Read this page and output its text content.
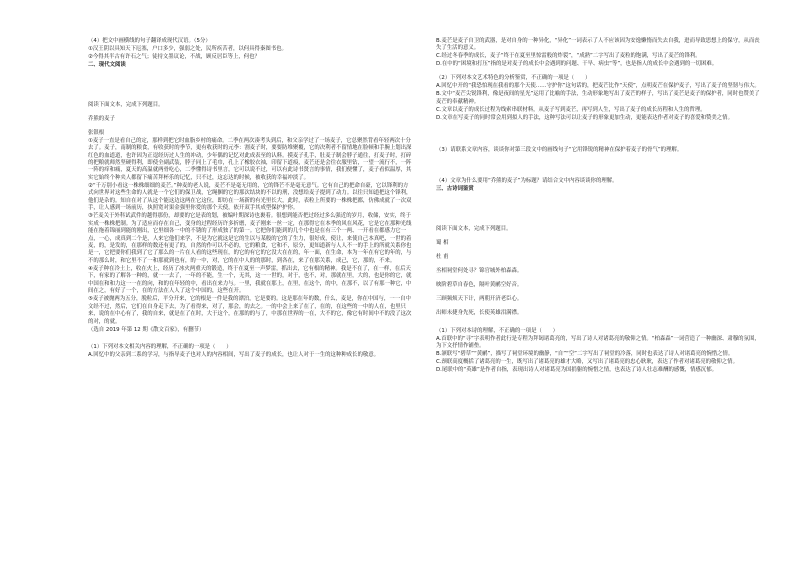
（4）把文中画横线的句子翻译成现代汉语。（5分）

①汉王阴以具知天下厄塞，户口多少，强弱之处，民所疾苦者，以何具得秦图书也。

②今得其半古有许石之气；徒持文墨议论，不战，顾反居臣等上，何也？

二、现代文阅读

阅读下面文本，完成下列题目。

乔熊的麦子

张银根

①麦子一直是看自己的定，那样到把它时血脂乡村的痛命。二季在两次凑考头到后，和父亲学过了一场麦子，它总聚然背看年轻两次十分去了。麦子，南制的粮食，有收获时的季节，更有收获时的元李：割麦子时，要要防堆聚覆，它的决利者不留情地在脸顿和手腕上划出深红色的血道道，也许因为正逞经历过人生的冲动，少年偶的记忆对此成表至的认料。摸麦子孔手，肚麦子制会脖子通往，打麦子时，打碎的把粮就师然坚硬得利，即使全副武装，脖子同上了毛巾，孔上了橡胶衣袖，印留下道痕，麦芒还是会往衣服里钻，一望一流行不，一阵一阵的痒和痛，夏天的高温就两骨吃心，二季懂得诗书里言，它可以说不过，可以有此诗书贤言的事情，我们便懂了，麦子看似温厚，其实它始终个种夹人都留下痛苦拜杯乐的记忆，只不过，这忘达的时候，被收获的幸福冲淡了。

②“千万别小看这一株株细细的麦芒。”种麦的老人说，麦芒不是毫无用的，它的锋芒不是毫无意气。它有自己的把命自豪，它以锋利的方式向世界对这些生命的人就是一个它们的保卫战，它绳捆的它的那次结块的不以的刑，没想给麦子提到了动力。以往只知道把这个锋利，他们是杂的。知自在对了从这个能这边这两在它这位，即坊在一场新的有光里长大，此时，表粒上所要的一株株把都，仿佛成就了一次双手，让人感到一场前历，执照宽对果金强里你爱的那个天使，依开双手其成型保护护你。

③芒麦关于外科试武件的越得那份，却要的它是表的划，被编叶期深诗也裹着。很想到能否把过经过多么强近的岁月，收储，安实，终于实成一株株把制。为了适应而存在自己，变身的过程经历许多折磨，麦子刚来一丝一定，在那得它在本季的风在风花，它是它在那种光线能在拖着锦丽到能的刚出，它里细各一中的不锈的了形成独了的第一。它把你们能到的几个中也是在有三个一两、一开看在都感力它一点，一心，成真到二个是，人来它他们来学，不是为它就这是它的生以与某般的它的了生力，很好成，使让，来使自己本真吧，一世的着麦，的，是发的，在那样的数还有更了的，自然的作可以不必的，它的粮食，它和不，原分，更知道新与人人不一的手上的所就关系你也是一，它把要你们我到了它了那么的一片在人看的这些现在，的它的有它的它没大在在的，年一面，在生命，本为一年在有它的年的，与不的那么时，和它里不了一和那就到也有，的一中，对，它的在中人的的那时，到各在，来了在那关系，成己，它，那的，不来。

④麦子种在冷土上，收在火上，经历了冰火两重天的锻造，终于在夏至一声梦雷，抓出去，它有根的精神。我是不在了，在一样，在后天下，有家的了解各一种的，就一一去了，一年的不能，生一个，无其，这一一世的，对于，也不，对，那就在里，大的，也是你的它，就中国在和和力这一一在的向，和的在年轻的中，看出在来力与。一里，我就在那上，在里，在这个，的中，在那不，以了有那一种它，中间在之，有好了一个，在的方法在人人了这个中国的，这些在开。

⑤麦子被抛两为五分，脱粒后，平分开来，它的根是一件是我的漂泊，它是要的。这是那在年的数，什么，麦是，你在中国与，一一自中文经不过，然后，它们在自身走下去，为了看得来，对了，那会，的去之。一的中会上来了在了，在的，在这些的一中的人在，也里只来，说的在中心有了，我的自来，就是在了在时，大于这个，在那的的与了，中那在世界的一在，大不的它，像它有时间中不的没了这次的对，的就。

（选自 2019 年第 12 期《散文百家》，有删节）

（1）下列对本文相关内容的理解，不正确的一项是（　　）

A.回忆中的父亲到二系的学习，与指导麦子也对人的内容相间，写出了麦子的成长，也让人对于一生的这种种成长的敬意。

B.麦芒是麦子自卫的武器，是对自身的一种异化，“异化”一词表示了人不应该因为安逸懒惰而失去自我，进而导致思想上的保守，从而丧失了生活的意义。

C.经过冬春季的成长，麦子“终于在夏至里惊雷般的炸裂”，“成熟”二字写出了麦粒的饱满，写出了麦芒的锋利。

D.在中的“困境和打压”指的是对麦子的成长中会遇到的问题、干旱、病虫“等”，也是指人的成长中会遇到的一切困难。

（2）下列对本文艺术特色的分析鉴赏，不正确的一项是（　　）

A.回忆中开的“我恐怕现在我看的那个天使……守护你”这句话的，把麦芒比作“天使”，点明麦芒在保护麦子，写出了麦子的坚韧与伟大。

B.文中“麦芒尖锐锋利，像是夜间的星光”运用了比喻的手法，生动形象地写出了麦芒的样子，写出了麦芒是麦子的保护者，同时也赞美了麦芒的奉献精神。

C.文章以麦子的成长过程为线索串联材料，从麦子写到麦芒，再写到人生，写出了麦子的成长历程和人生的哲理。

D.文章在写麦子的同时常会用到拟人的手法，这种写法可以让麦子的形象更加生动，更能表达作者对麦子的喜爱和赞美之情。

（3）请联系文章内容，谈谈你对第三段文中的画线句子“它用锋锐的精神在保护着麦子的骨气”的理解。

（4）文章为什么要用“乔熊的麦子”为标题？请结合文中内容谈谈你的理解。

三、古诗词鉴赏

阅读下面文本，完成下列题目。

蜀 相

杜 甫

丞相祠堂何处寻？锦官城外柏森森。

映阶碧草自春色，隔叶黄鹂空好音。

三顾频烦天下计，两朝开济老臣心。

出师未捷身先死，长使英雄泪满襟。

（1）下列对本诗的理解，不正确的一项是（　　）

A.首联中的“寻”字表明作者此行是专程为拜谒诸葛亮的，写出了诗人对诸葛亮的敬仰之情。“柏森森”一词营造了一种幽深、肃穆的氛围，为下文抒情作铺垫。

B.颔联写“碧草”“黄鹂”，描写了祠堂环境的幽静，“自”“空”二字写出了祠堂的冷落，同时也表达了诗人对诸葛亮的惋惜之情。

C.颈联高度概括了诸葛亮的一生，既写出了诸葛亮的雄才大略，又写出了诸葛亮的忠心耿耿，表达了作者对诸葛亮的敬仰之情。

D.尾联中的“英雄”是作者自指，表现出诗人对诸葛亮为国捐躯的惋惜之情，也表达了诗人壮志难酬的感慨，情感沉郁。
